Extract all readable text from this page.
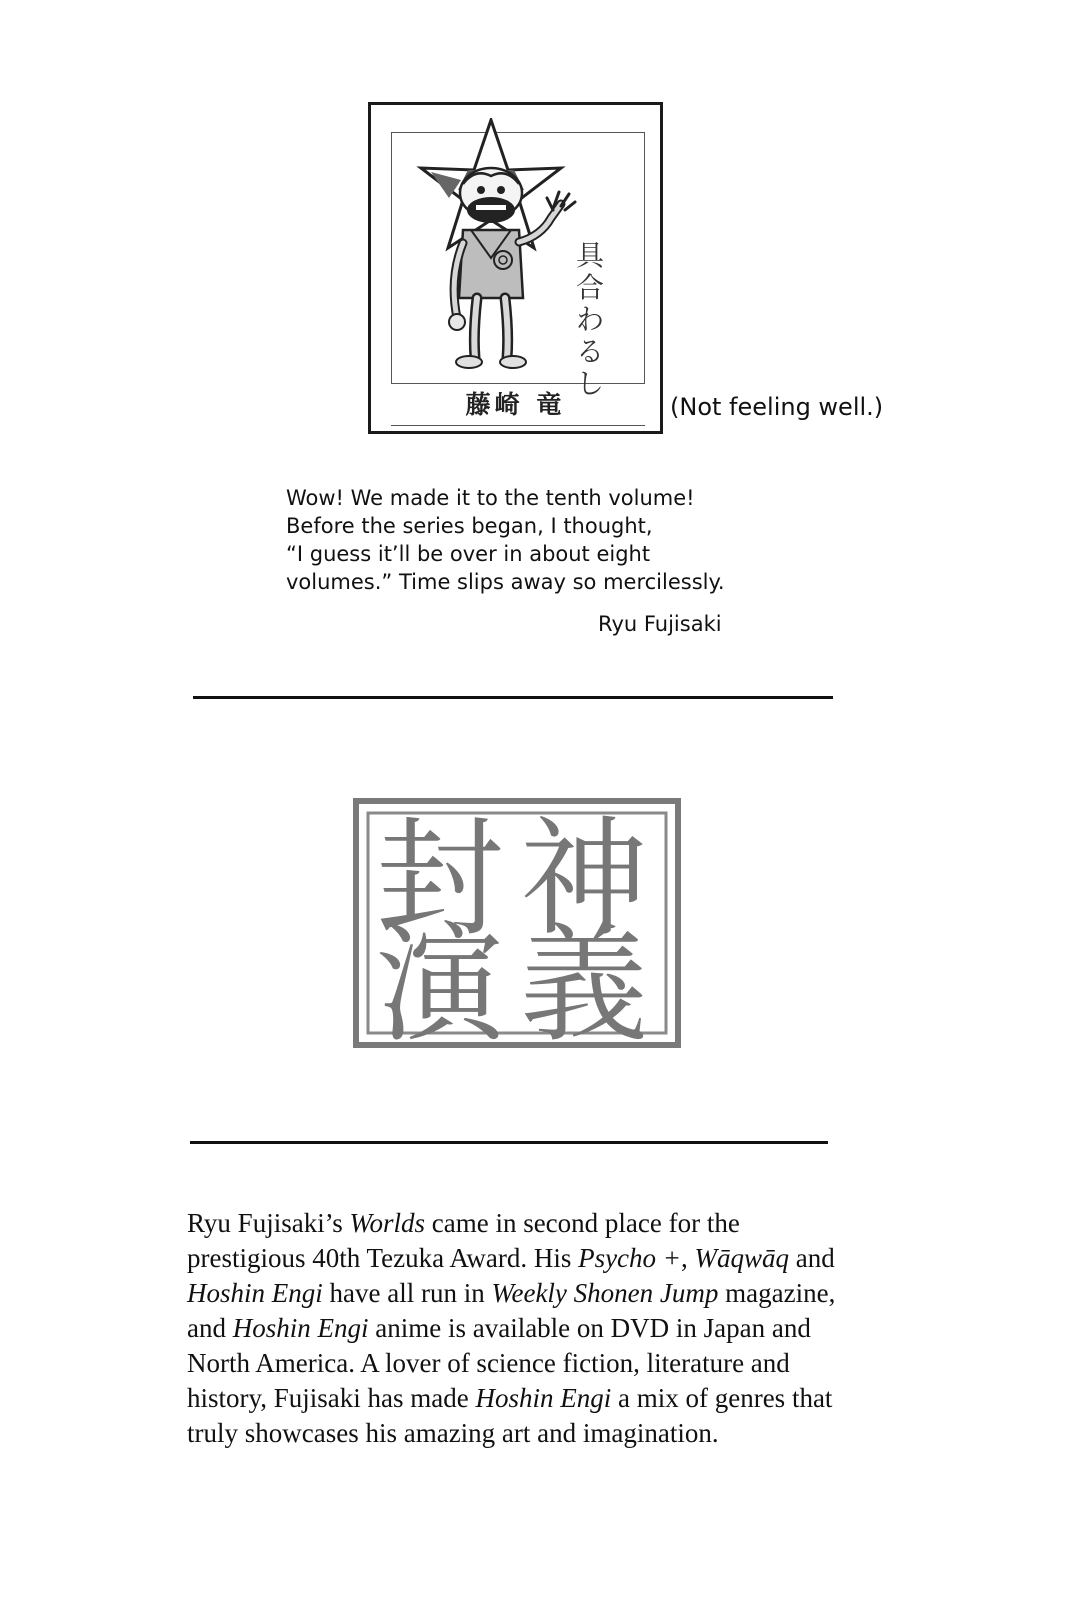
具合わるし
藤崎 竜	(Not feeling well.)
Wow! We made it to the tenth volume!
Before the series began, I thought,
“I guess it’ll be over in about eight
volumes.” Time slips away so mercilessly.
Ryu Fujisaki
封 神
演 義
Ryu Fujisaki’s Worlds came in second place for the
prestigious 40th Tezuka Award. His Psycho +, Wāqwāq and
Hoshin Engi have all run in Weekly Shonen Jump magazine,
and Hoshin Engi anime is available on DVD in Japan and
North America. A lover of science fiction, literature and
history, Fujisaki has made Hoshin Engi a mix of genres that
truly showcases his amazing art and imagination.
